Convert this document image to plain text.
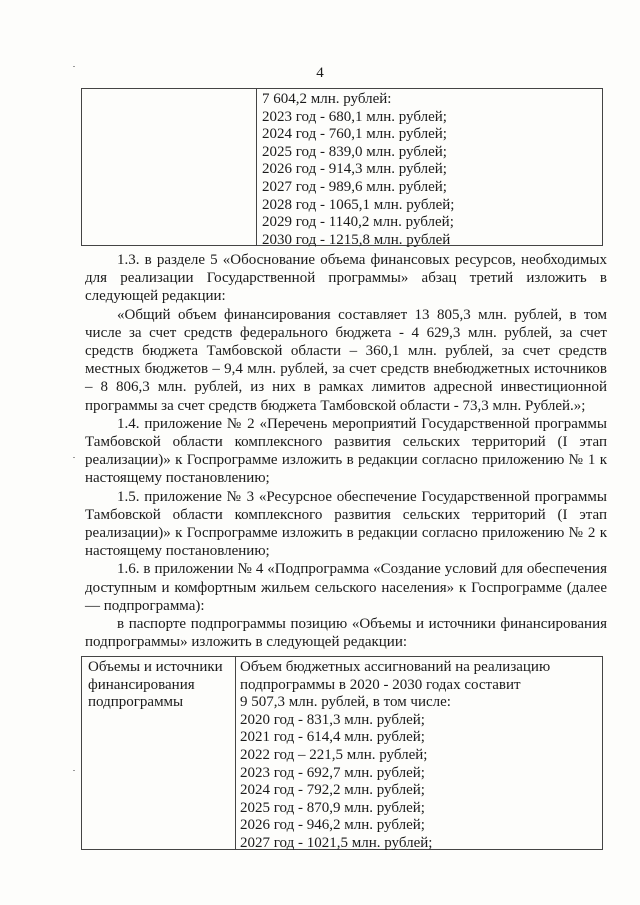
4
7 604,2 млн. рублей:
2023 год - 680,1 млн. рублей;
2024 год - 760,1 млн. рублей;
2025 год - 839,0 млн. рублей;
2026 год - 914,3 млн. рублей;
2027 год - 989,6 млн. рублей;
2028 год - 1065,1 млн. рублей;
2029 год - 1140,2 млн. рублей;
2030 год - 1215,8 млн. рублей

1.3. в разделе 5 «Обоснование объема финансовых ресурсов, необходимых для реализации Государственной программы» абзац третий изложить в следующей редакции:

«Общий объем финансирования составляет 13 805,3 млн. рублей, в том числе за счет средств федерального бюджета - 4 629,3 млн. рублей, за счет средств бюджета Тамбовской области – 360,1 млн. рублей, за счет средств местных бюджетов – 9,4 млн. рублей, за счет средств внебюджетных источников – 8 806,3 млн. рублей, из них в рамках лимитов адресной инвестиционной программы за счет средств бюджета Тамбовской области - 73,3 млн. Рублей.»;

1.4. приложение № 2 «Перечень мероприятий Государственной программы Тамбовской области комплексного развития сельских территорий (I этап реализации)» к Госпрограмме изложить в редакции согласно приложению № 1 к настоящему постановлению;

1.5. приложение № 3 «Ресурсное обеспечение Государственной программы Тамбовской области комплексного развития сельских территорий (I этап реализации)» к Госпрограмме изложить в редакции согласно приложению № 2 к настоящему постановлению;

1.6. в приложении № 4 «Подпрограмма «Создание условий для обеспечения доступным и комфортным жильем сельского населения» к Госпрограмме (далее — подпрограмма):

в паспорте подпрограммы позицию «Объемы и источники финансирования подпрограммы» изложить в следующей редакции:

Объемы и источники финансирования подпрограммы
Объем бюджетных ассигнований на реализацию подпрограммы в 2020 - 2030 годах составит
9 507,3 млн. рублей, в том числе:
2020 год - 831,3 млн. рублей;
2021 год - 614,4 млн. рублей;
2022 год – 221,5 млн. рублей;
2023 год - 692,7 млн. рублей;
2024 год - 792,2 млн. рублей;
2025 год - 870,9 млн. рублей;
2026 год - 946,2 млн. рублей;
2027 год - 1021,5 млн. рублей;
